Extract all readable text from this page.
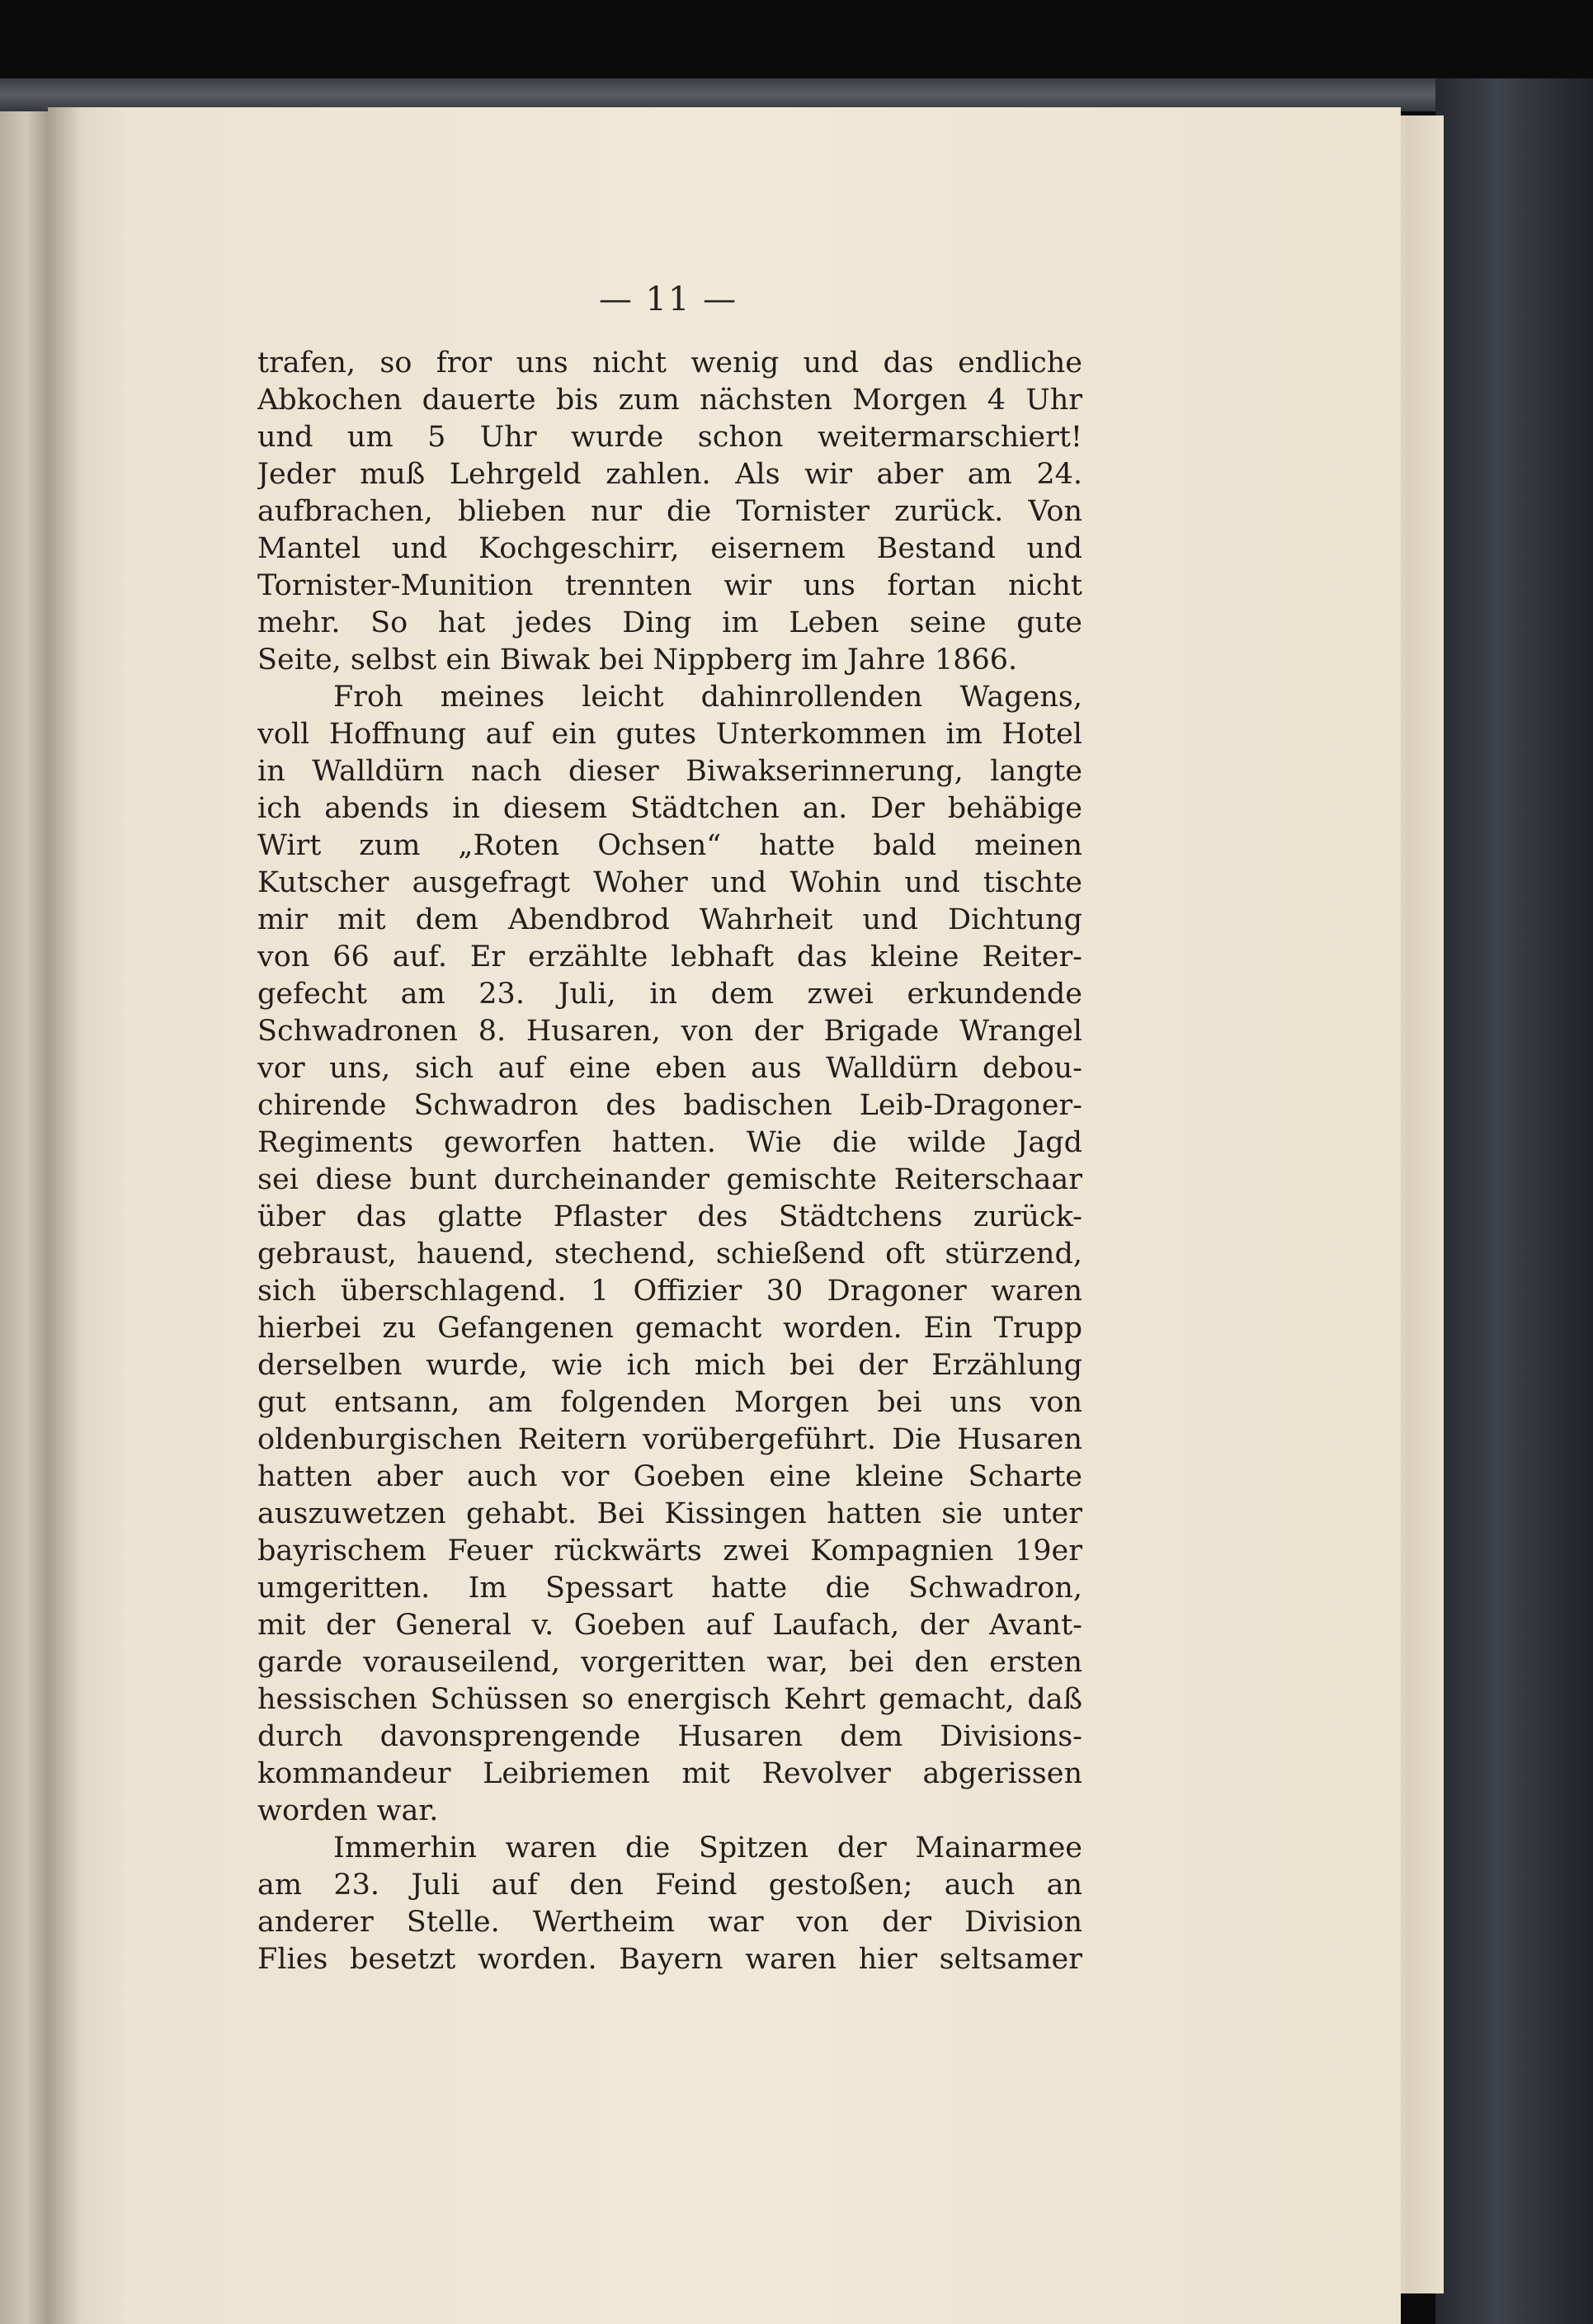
— 11 —
trafen, so fror uns nicht wenig und das endliche
Abkochen dauerte bis zum nächsten Morgen 4 Uhr
und um 5 Uhr wurde schon weitermarschiert!
Jeder muß Lehrgeld zahlen. Als wir aber am 24.
aufbrachen, blieben nur die Tornister zurück. Von
Mantel und Kochgeschirr, eisernem Bestand und
Tornister-Munition trennten wir uns fortan nicht
mehr. So hat jedes Ding im Leben seine gute
Seite, selbst ein Biwak bei Nippberg im Jahre 1866.
Froh meines leicht dahinrollenden Wagens,
voll Hoffnung auf ein gutes Unterkommen im Hotel
in Walldürn nach dieser Biwakserinnerung, langte
ich abends in diesem Städtchen an. Der behäbige
Wirt zum „Roten Ochsen“ hatte bald meinen
Kutscher ausgefragt Woher und Wohin und tischte
mir mit dem Abendbrod Wahrheit und Dichtung
von 66 auf. Er erzählte lebhaft das kleine Reiter-
gefecht am 23. Juli, in dem zwei erkundende
Schwadronen 8. Husaren, von der Brigade Wrangel
vor uns, sich auf eine eben aus Walldürn debou-
chirende Schwadron des badischen Leib-Dragoner-
Regiments geworfen hatten. Wie die wilde Jagd
sei diese bunt durcheinander gemischte Reiterschaar
über das glatte Pflaster des Städtchens zurück-
gebraust, hauend, stechend, schießend oft stürzend,
sich überschlagend. 1 Offizier 30 Dragoner waren
hierbei zu Gefangenen gemacht worden. Ein Trupp
derselben wurde, wie ich mich bei der Erzählung
gut entsann, am folgenden Morgen bei uns von
oldenburgischen Reitern vorübergeführt. Die Husaren
hatten aber auch vor Goeben eine kleine Scharte
auszuwetzen gehabt. Bei Kissingen hatten sie unter
bayrischem Feuer rückwärts zwei Kompagnien 19er
umgeritten. Im Spessart hatte die Schwadron,
mit der General v. Goeben auf Laufach, der Avant-
garde vorauseilend, vorgeritten war, bei den ersten
hessischen Schüssen so energisch Kehrt gemacht, daß
durch davonsprengende Husaren dem Divisions-
kommandeur Leibriemen mit Revolver abgerissen
worden war.
Immerhin waren die Spitzen der Mainarmee
am 23. Juli auf den Feind gestoßen; auch an
anderer Stelle. Wertheim war von der Division
Flies besetzt worden. Bayern waren hier seltsamer
